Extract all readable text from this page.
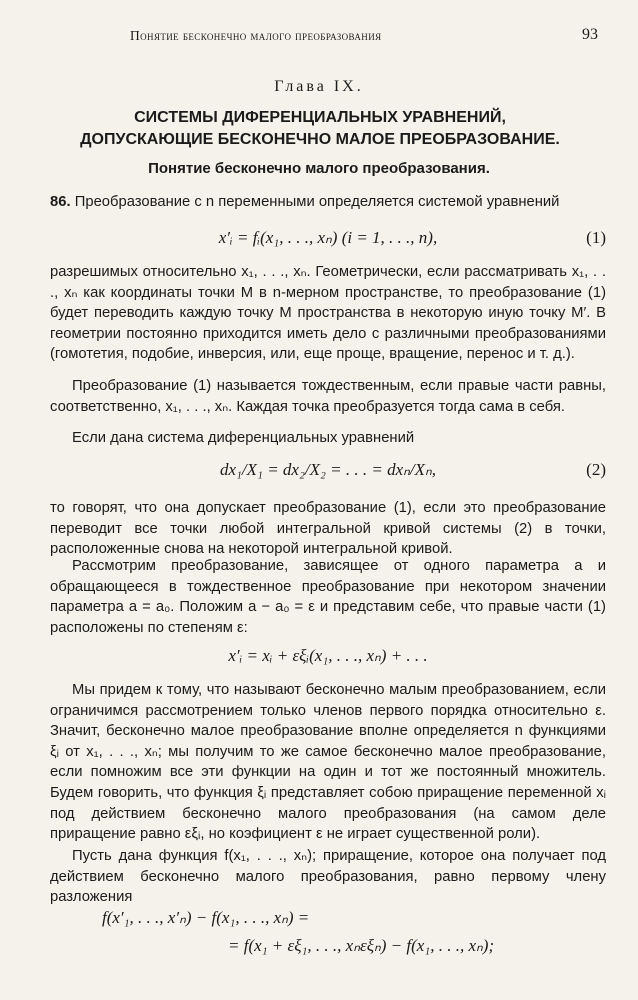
Понятие бесконечно малого преобразования	93
Глава IX.
СИСТЕМЫ ДИФЕРЕНЦИАЛЬНЫХ УРАВНЕНИЙ,
ДОПУСКАЮЩИЕ БЕСКОНЕЧНО МАЛОЕ ПРЕОБРАЗОВАНИЕ.
Понятие бесконечно малого преобразования.
86. Преобразование с n переменными определяется системой уравнений
x′ᵢ = fᵢ(x₁, . . ., xₙ) (i = 1, . . ., n),	(1)
разрешимых относительно x₁, . . ., xₙ. Геометрически, если рассматривать x₁, . . ., xₙ как координаты точки M в n-мерном пространстве, то преобразование (1) будет переводить каждую точку M пространства в некоторую иную точку M′. В геометрии постоянно приходится иметь дело с различными преобразованиями (гомотетия, подобие, инверсия, или, еще проще, вращение, перенос и т. д.).
Преобразование (1) называется тождественным, если правые части равны, соответственно, x₁, . . ., xₙ. Каждая точка преобразуется тогда сама в себя.
Если дана система диференциальных уравнений
dx₁/X₁ = dx₂/X₂ = . . . = dxₙ/Xₙ,	(2)
то говорят, что она допускает преобразование (1), если это преобразование переводит все точки любой интегральной кривой системы (2) в точки, расположенные снова на некоторой интегральной кривой.
Рассмотрим преобразование, зависящее от одного параметра a и обращающееся в тождественное преобразование при некотором значении параметра a = a₀. Положим a − a₀ = ε и представим себе, что правые части (1) расположены по степеням ε:
x′ᵢ = xᵢ + εξᵢ(x₁, . . ., xₙ) + . . .
Мы придем к тому, что называют бесконечно малым преобразованием, если ограничимся рассмотрением только членов первого порядка относительно ε. Значит, бесконечно малое преобразование вполне определяется n функциями ξᵢ от x₁, . . ., xₙ; мы получим то же самое бесконечно малое преобразование, если помножим все эти функции на один и тот же постоянный множитель. Будем говорить, что функция ξᵢ представляет собою приращение переменной xᵢ под действием бесконечно малого преобразования (на самом деле приращение равно εξᵢ, но коэфициент ε не играет существенной роли).
Пусть дана функция f(x₁, . . ., xₙ); приращение, которое она получает под действием бесконечно малого преобразования, равно первому члену разложения
f(x′₁, . . ., x′ₙ) − f(x₁, . . ., xₙ) =
= f(x₁ + εξ₁, . . ., xₙεξₙ) − f(x₁, . . ., xₙ);
